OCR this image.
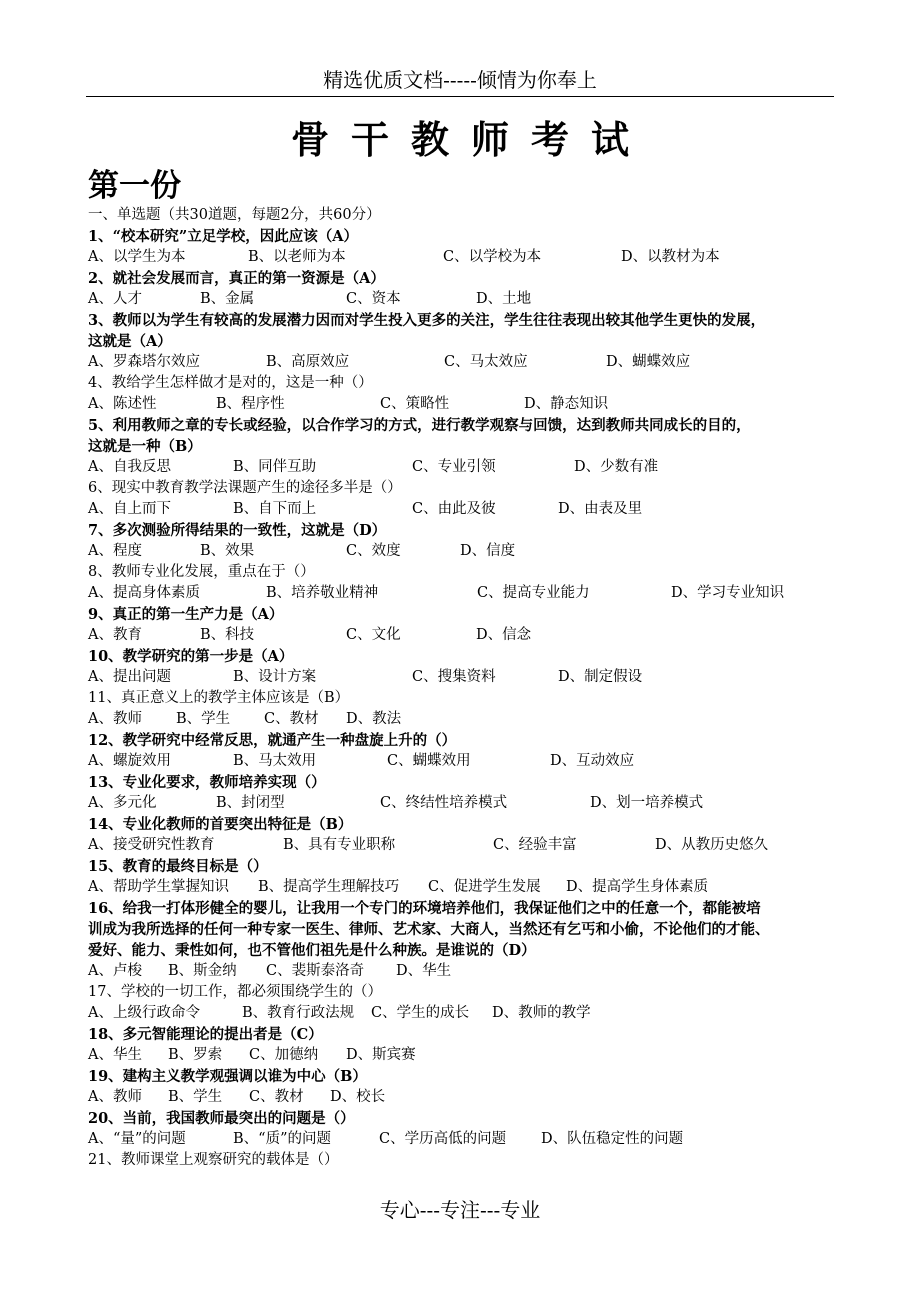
精选优质文档-----倾情为你奉上
骨干教师考试
第一份
一、单选题（共30道题，每题2分，共60分）
1、“校本研究”立足学校，因此应该（A）
A、以学生为本	B、以老师为本	C、以学校为本	D、以教材为本
2、就社会发展而言，真正的第一资源是（A）
A、人才	B、金属	C、资本	D、土地
3、教师以为学生有较高的发展潜力因而对学生投入更多的关注，学生往往表现出较其他学生更快的发展，
这就是（A）
A、罗森塔尔效应	B、高原效应	C、马太效应	D、蝴蝶效应
4、教给学生怎样做才是对的，这是一种（）
A、陈述性	B、程序性	C、策略性	D、静态知识
5、利用教师之章的专长或经验，以合作学习的方式，进行教学观察与回馈，达到教师共同成长的目的，
这就是一种（B）
A、自我反思	B、同伴互助	C、专业引领	D、少数有准
6、现实中教育教学法课题产生的途径多半是（）
A、自上而下	B、自下而上	C、由此及彼	D、由表及里
7、多次测验所得结果的一致性，这就是（D）
A、程度	B、效果	C、效度	D、信度
8、教师专业化发展，重点在于（）
A、提高身体素质	B、培养敬业精神	C、提高专业能力	D、学习专业知识
9、真正的第一生产力是（A）
A、教育	B、科技	C、文化	D、信念
10、教学研究的第一步是（A）
A、提出问题	B、设计方案	C、搜集资料	D、制定假设
11、真正意义上的教学主体应该是（B）
A、教师 B、学生 C、教材 D、教法
12、教学研究中经常反思，就通产生一种盘旋上升的（）
A、螺旋效用	B、马太效用	C、蝴蝶效用	D、互动效应
13、专业化要求，教师培养实现（）
A、多元化	B、封闭型	C、终结性培养模式	D、划一培养模式
14、专业化教师的首要突出特征是（B）
A、接受研究性教育	B、具有专业职称	C、经验丰富	D、从教历史悠久
15、教育的最终目标是（）
A、帮助学生掌握知识 B、提高学生理解技巧 C、促进学生发展 D、提高学生身体素质
16、给我一打体形健全的婴儿，让我用一个专门的环境培养他们，我保证他们之中的任意一个，都能被培
训成为我所选择的任何一种专家一医生、律师、艺术家、大商人，当然还有乞丐和小偷，不论他们的才能、
爱好、能力、秉性如何，也不管他们祖先是什么种族。是谁说的（D）
A、卢梭 B、斯金纳 C、裴斯泰洛奇 D、华生
17、学校的一切工作，都必须围绕学生的（）
A、上级行政命令	B、教育行政法规 C、学生的成长 D、教师的教学
18、多元智能理论的提出者是（C）
A、华生 B、罗索 C、加德纳 D、斯宾赛
19、建构主义教学观强调以谁为中心（B）
A、教师 B、学生 C、教材 D、校长
20、当前，我国教师最突出的问题是（）
A、“量”的问题	B、“质”的问题	C、学历高低的问题 D、队伍稳定性的问题
21、教师课堂上观察研究的载体是（）
专心---专注---专业
